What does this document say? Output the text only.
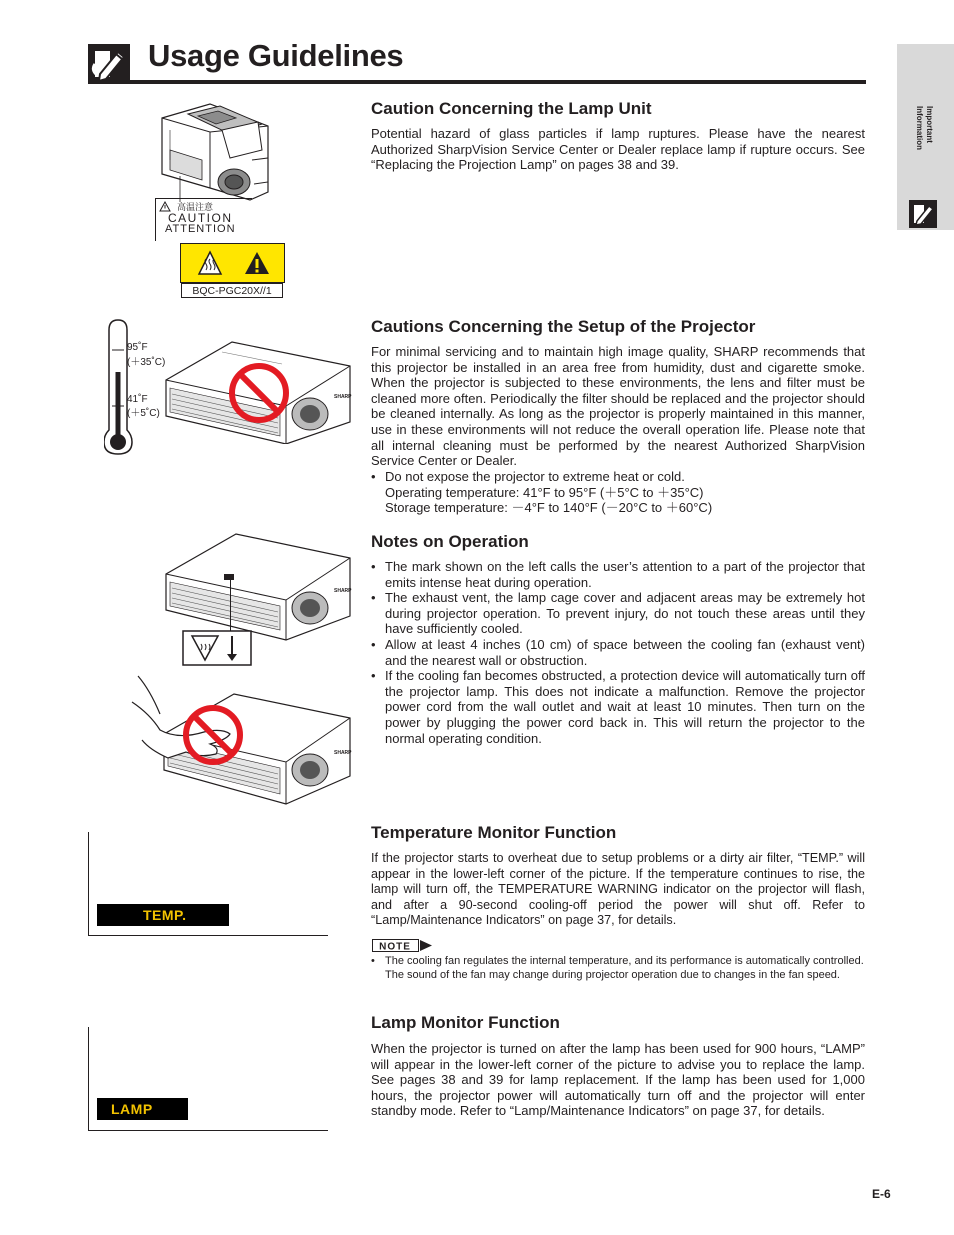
Usage Guidelines
Important
Information
高温注意
CAUTION
ATTENTION
BQC-PGC20X//1
Caution Concerning the Lamp Unit

Potential hazard of glass particles if lamp ruptures. Please have the nearest Authorized SharpVision Service Center or Dealer replace lamp if rupture occurs. See “Replacing the Projection Lamp” on pages 38 and 39.

95˚F
(＋35˚C)
41˚F
(＋5˚C)
SHARP
Cautions Concerning the Setup of the Projector

For minimal servicing and to maintain high image quality, SHARP recommends that this projector be installed in an area free from humidity, dust and cigarette smoke. When the projector is subjected to these environments, the lens and filter must be cleaned more often. Periodically the filter should be replaced and the projector should be cleaned internally. As long as the projector is properly maintained in this manner, use in these environments will not reduce the overall operation life. Please note that all internal cleaning must be performed by the nearest Authorized SharpVision Service Center or Dealer.

• Do not expose the projector to extreme heat or cold.
Operating temperature: 41°F to 95°F (＋5°C to ＋35°C)
Storage temperature: －4°F to 140°F (－20°C to ＋60°C)
SHARP
SHARP
Notes on Operation
• The mark shown on the left calls the user’s attention to a part of the projector that emits intense heat during operation.
• The exhaust vent, the lamp cage cover and adjacent areas may be extremely hot during projector operation. To prevent injury, do not touch these areas until they have sufficiently cooled.
• Allow at least 4 inches (10 cm) of space between the cooling fan (exhaust vent) and the nearest wall or obstruction.
• If the cooling fan becomes obstructed, a protection device will automatically turn off the projector lamp. This does not indicate a malfunction. Remove the projector power cord from the wall outlet and wait at least 10 minutes. Then turn on the power by plugging the power cord back in. This will return the projector to the normal operating condition.
TEMP.
Temperature Monitor Function

If the projector starts to overheat due to setup problems or a dirty air filter, “TEMP.” will appear in the lower-left corner of the picture. If the temperature continues to rise, the lamp will turn off, the TEMPERATURE WARNING indicator on the projector will flash, and after a 90-second cooling-off period the power will shut off. Refer to “Lamp/Maintenance Indicators” on page 37, for details.

NOTE
• The cooling fan regulates the internal temperature, and its performance is automatically controlled. The sound of the fan may change during projector operation due to changes in the fan speed.
LAMP
Lamp Monitor Function

When the projector is turned on after the lamp has been used for 900 hours, “LAMP” will appear in the lower-left corner of the picture to advise you to replace the lamp. See pages 38 and 39 for lamp replacement. If the lamp has been used for 1,000 hours, the projector power will automatically turn off and the projector will enter standby mode. Refer to “Lamp/Maintenance Indicators” on page 37, for details.

E-6
